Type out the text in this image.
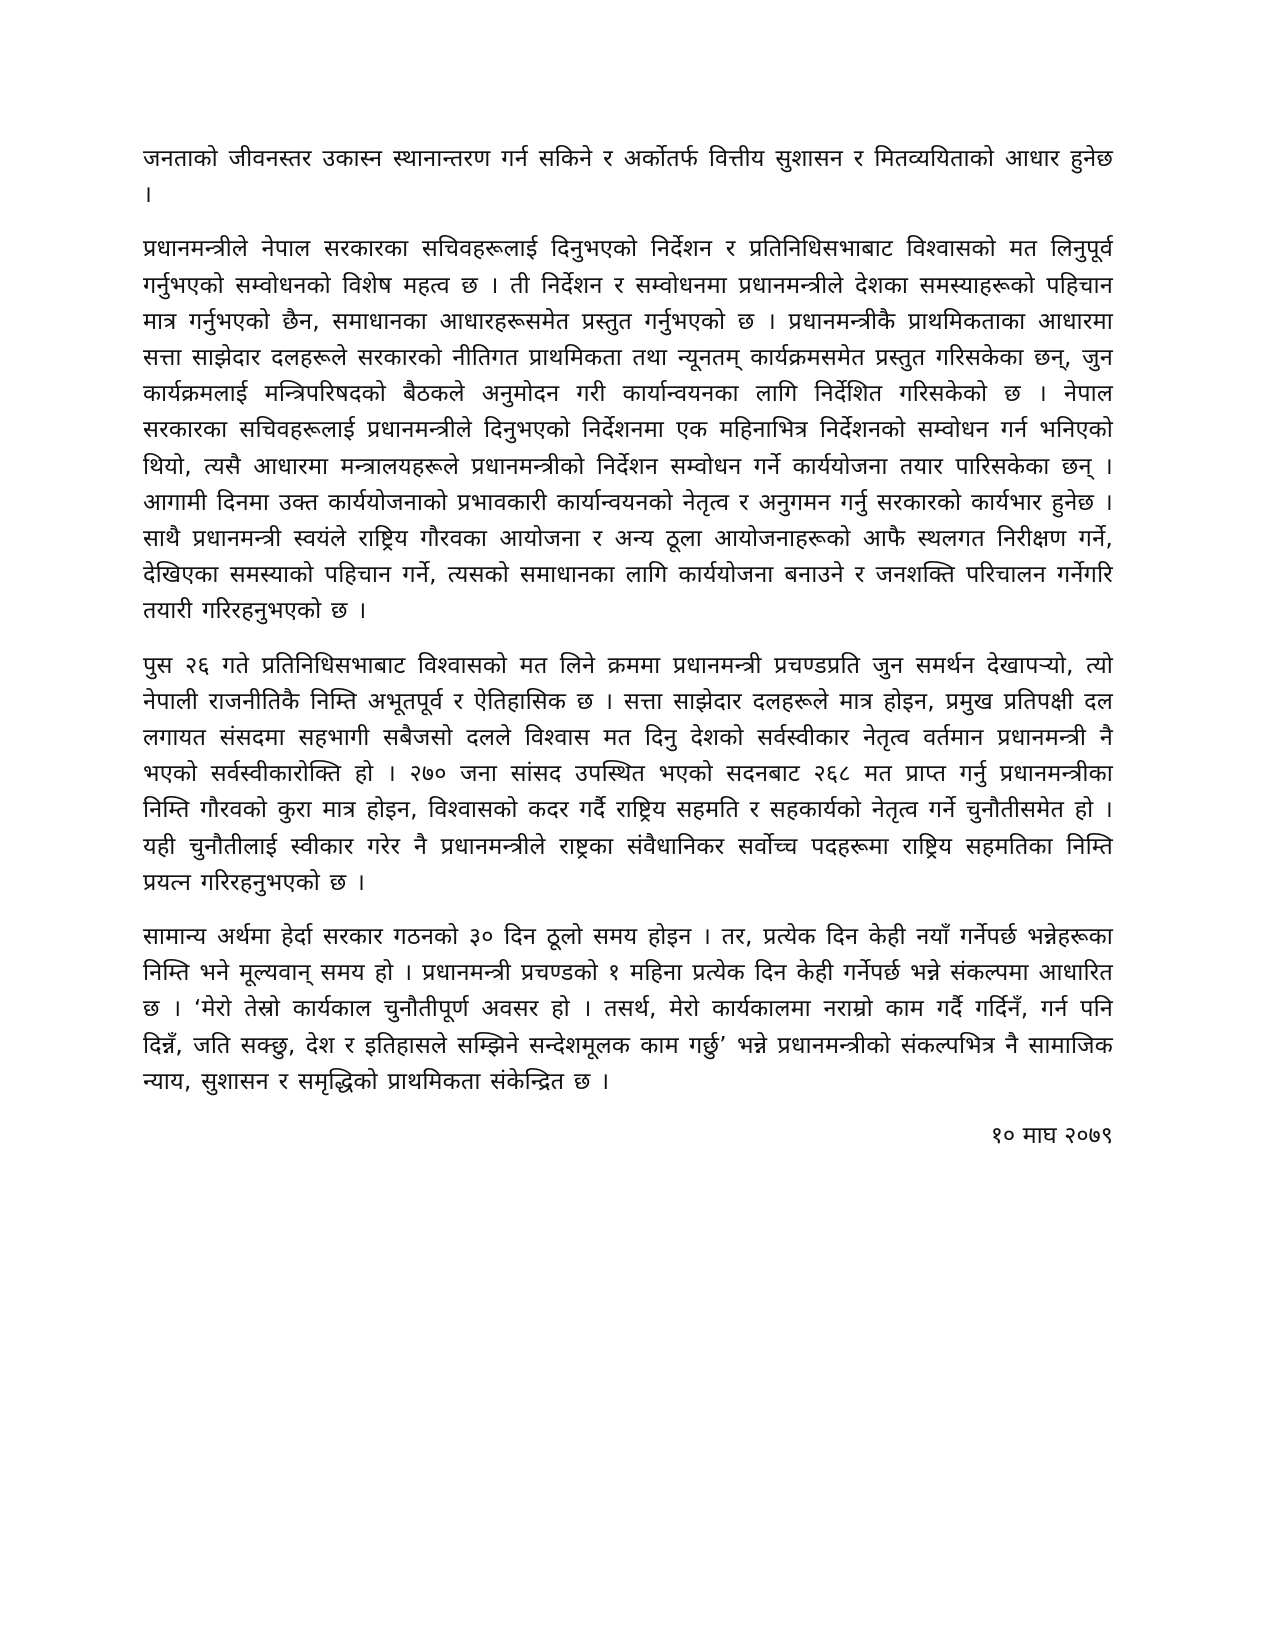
जनताको जीवनस्तर उकास्न स्थानान्तरण गर्न सकिने र अर्कोतर्फ वित्तीय सुशासन र मितव्ययिताको आधार हुनेछ ।

प्रधानमन्त्रीले नेपाल सरकारका सचिवहरूलाई दिनुभएको निर्देशन र प्रतिनिधिसभाबाट विश्वासको मत लिनुपूर्व गर्नुभएको सम्वोधनको विशेष महत्व छ । ती निर्देशन र सम्वोधनमा प्रधानमन्त्रीले देशका समस्याहरूको पहिचान मात्र गर्नुभएको छैन, समाधानका आधारहरूसमेत प्रस्तुत गर्नुभएको छ । प्रधानमन्त्रीकै प्राथमिकताका आधारमा सत्ता साझेदार दलहरूले सरकारको नीतिगत प्राथमिकता तथा न्यूनतम् कार्यक्रमसमेत प्रस्तुत गरिसकेका छन्, जुन कार्यक्रमलाई मन्त्रिपरिषदको बैठकले अनुमोदन गरी कार्यान्वयनका लागि निर्देशित गरिसकेको छ । नेपाल सरकारका सचिवहरूलाई प्रधानमन्त्रीले दिनुभएको निर्देशनमा एक महिनाभित्र निर्देशनको सम्वोधन गर्न भनिएको थियो, त्यसै आधारमा मन्त्रालयहरूले प्रधानमन्त्रीको निर्देशन सम्वोधन गर्ने कार्ययोजना तयार पारिसकेका छन् । आगामी दिनमा उक्त कार्ययोजनाको प्रभावकारी कार्यान्वयनको नेतृत्व र अनुगमन गर्नु सरकारको कार्यभार हुनेछ । साथै प्रधानमन्त्री स्वयंले राष्ट्रिय गौरवका आयोजना र अन्य ठूला आयोजनाहरूको आफै स्थलगत निरीक्षण गर्ने, देखिएका समस्याको पहिचान गर्ने, त्यसको समाधानका लागि कार्ययोजना बनाउने र जनशक्ति परिचालन गर्नेगरि तयारी गरिरहनुभएको छ ।

पुस २६ गते प्रतिनिधिसभाबाट विश्वासको मत लिने क्रममा प्रधानमन्त्री प्रचण्डप्रति जुन समर्थन देखापर्‍यो, त्यो नेपाली राजनीतिकै निम्ति अभूतपूर्व र ऐतिहासिक छ । सत्ता साझेदार दलहरूले मात्र होइन, प्रमुख प्रतिपक्षी दल लगायत संसदमा सहभागी सबैजसो दलले विश्वास मत दिनु देशको सर्वस्वीकार नेतृत्व वर्तमान प्रधानमन्त्री नै भएको सर्वस्वीकारोक्ति हो । २७० जना सांसद उपस्थित भएको सदनबाट २६८ मत प्राप्त गर्नु प्रधानमन्त्रीका निम्ति गौरवको कुरा मात्र होइन, विश्वासको कदर गर्दै राष्ट्रिय सहमति र सहकार्यको नेतृत्व गर्ने चुनौतीसमेत हो । यही चुनौतीलाई स्वीकार गरेर नै प्रधानमन्त्रीले राष्ट्रका संवैधानिकर सर्वोच्च पदहरूमा राष्ट्रिय सहमतिका निम्ति प्रयत्न गरिरहनुभएको छ ।

सामान्य अर्थमा हेर्दा सरकार गठनको ३० दिन ठूलो समय होइन । तर, प्रत्येक दिन केही नयाँ गर्नेपर्छ भन्नेहरूका निम्ति भने मूल्यवान् समय हो । प्रधानमन्त्री प्रचण्डको १ महिना प्रत्येक दिन केही गर्नेपर्छ भन्ने संकल्पमा आधारित छ । ‘मेरो तेस्रो कार्यकाल चुनौतीपूर्ण अवसर हो । तसर्थ, मेरो कार्यकालमा नराम्रो काम गर्दै गर्दिनँ, गर्न पनि दिन्नँ, जति सक्छु, देश र इतिहासले सम्झिने सन्देशमूलक काम गर्छु’ भन्ने प्रधानमन्त्रीको संकल्पभित्र नै सामाजिक न्याय, सुशासन र समृद्धिको प्राथमिकता संकेन्द्रित छ ।

१० माघ २०७९
